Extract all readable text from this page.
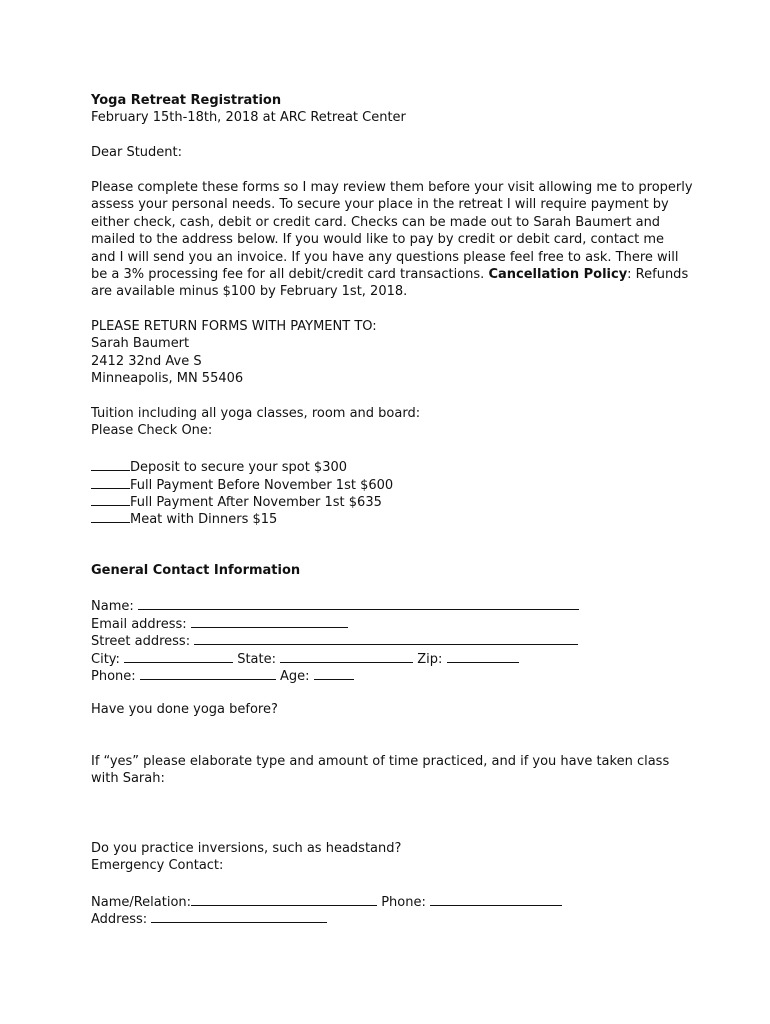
Yoga Retreat Registration
February 15th-18th, 2018 at ARC Retreat Center
Dear Student:
Please complete these forms so I may review them before your visit allowing me to properly
assess your personal needs. To secure your place in the retreat I will require payment by
either check, cash, debit or credit card. Checks can be made out to Sarah Baumert and
mailed to the address below. If you would like to pay by credit or debit card, contact me
and I will send you an invoice. If you have any questions please feel free to ask. There will
be a 3% processing fee for all debit/credit card transactions. Cancellation Policy: Refunds
are available minus $100 by February 1st, 2018.
PLEASE RETURN FORMS WITH PAYMENT TO:
Sarah Baumert
2412 32nd Ave S
Minneapolis, MN 55406
Tuition including all yoga classes, room and board:
Please Check One:
Deposit to secure your spot $300
Full Payment Before November 1st $600
Full Payment After November 1st $635
Meat with Dinners $15
General Contact Information
Name:
Email address:
Street address:
City:	State:	Zip:
Phone:	Age:
Have you done yoga before?
If “yes” please elaborate type and amount of time practiced, and if you have taken class
with Sarah:
Do you practice inversions, such as headstand?
Emergency Contact:
Name/Relation:	Phone:
Address:
